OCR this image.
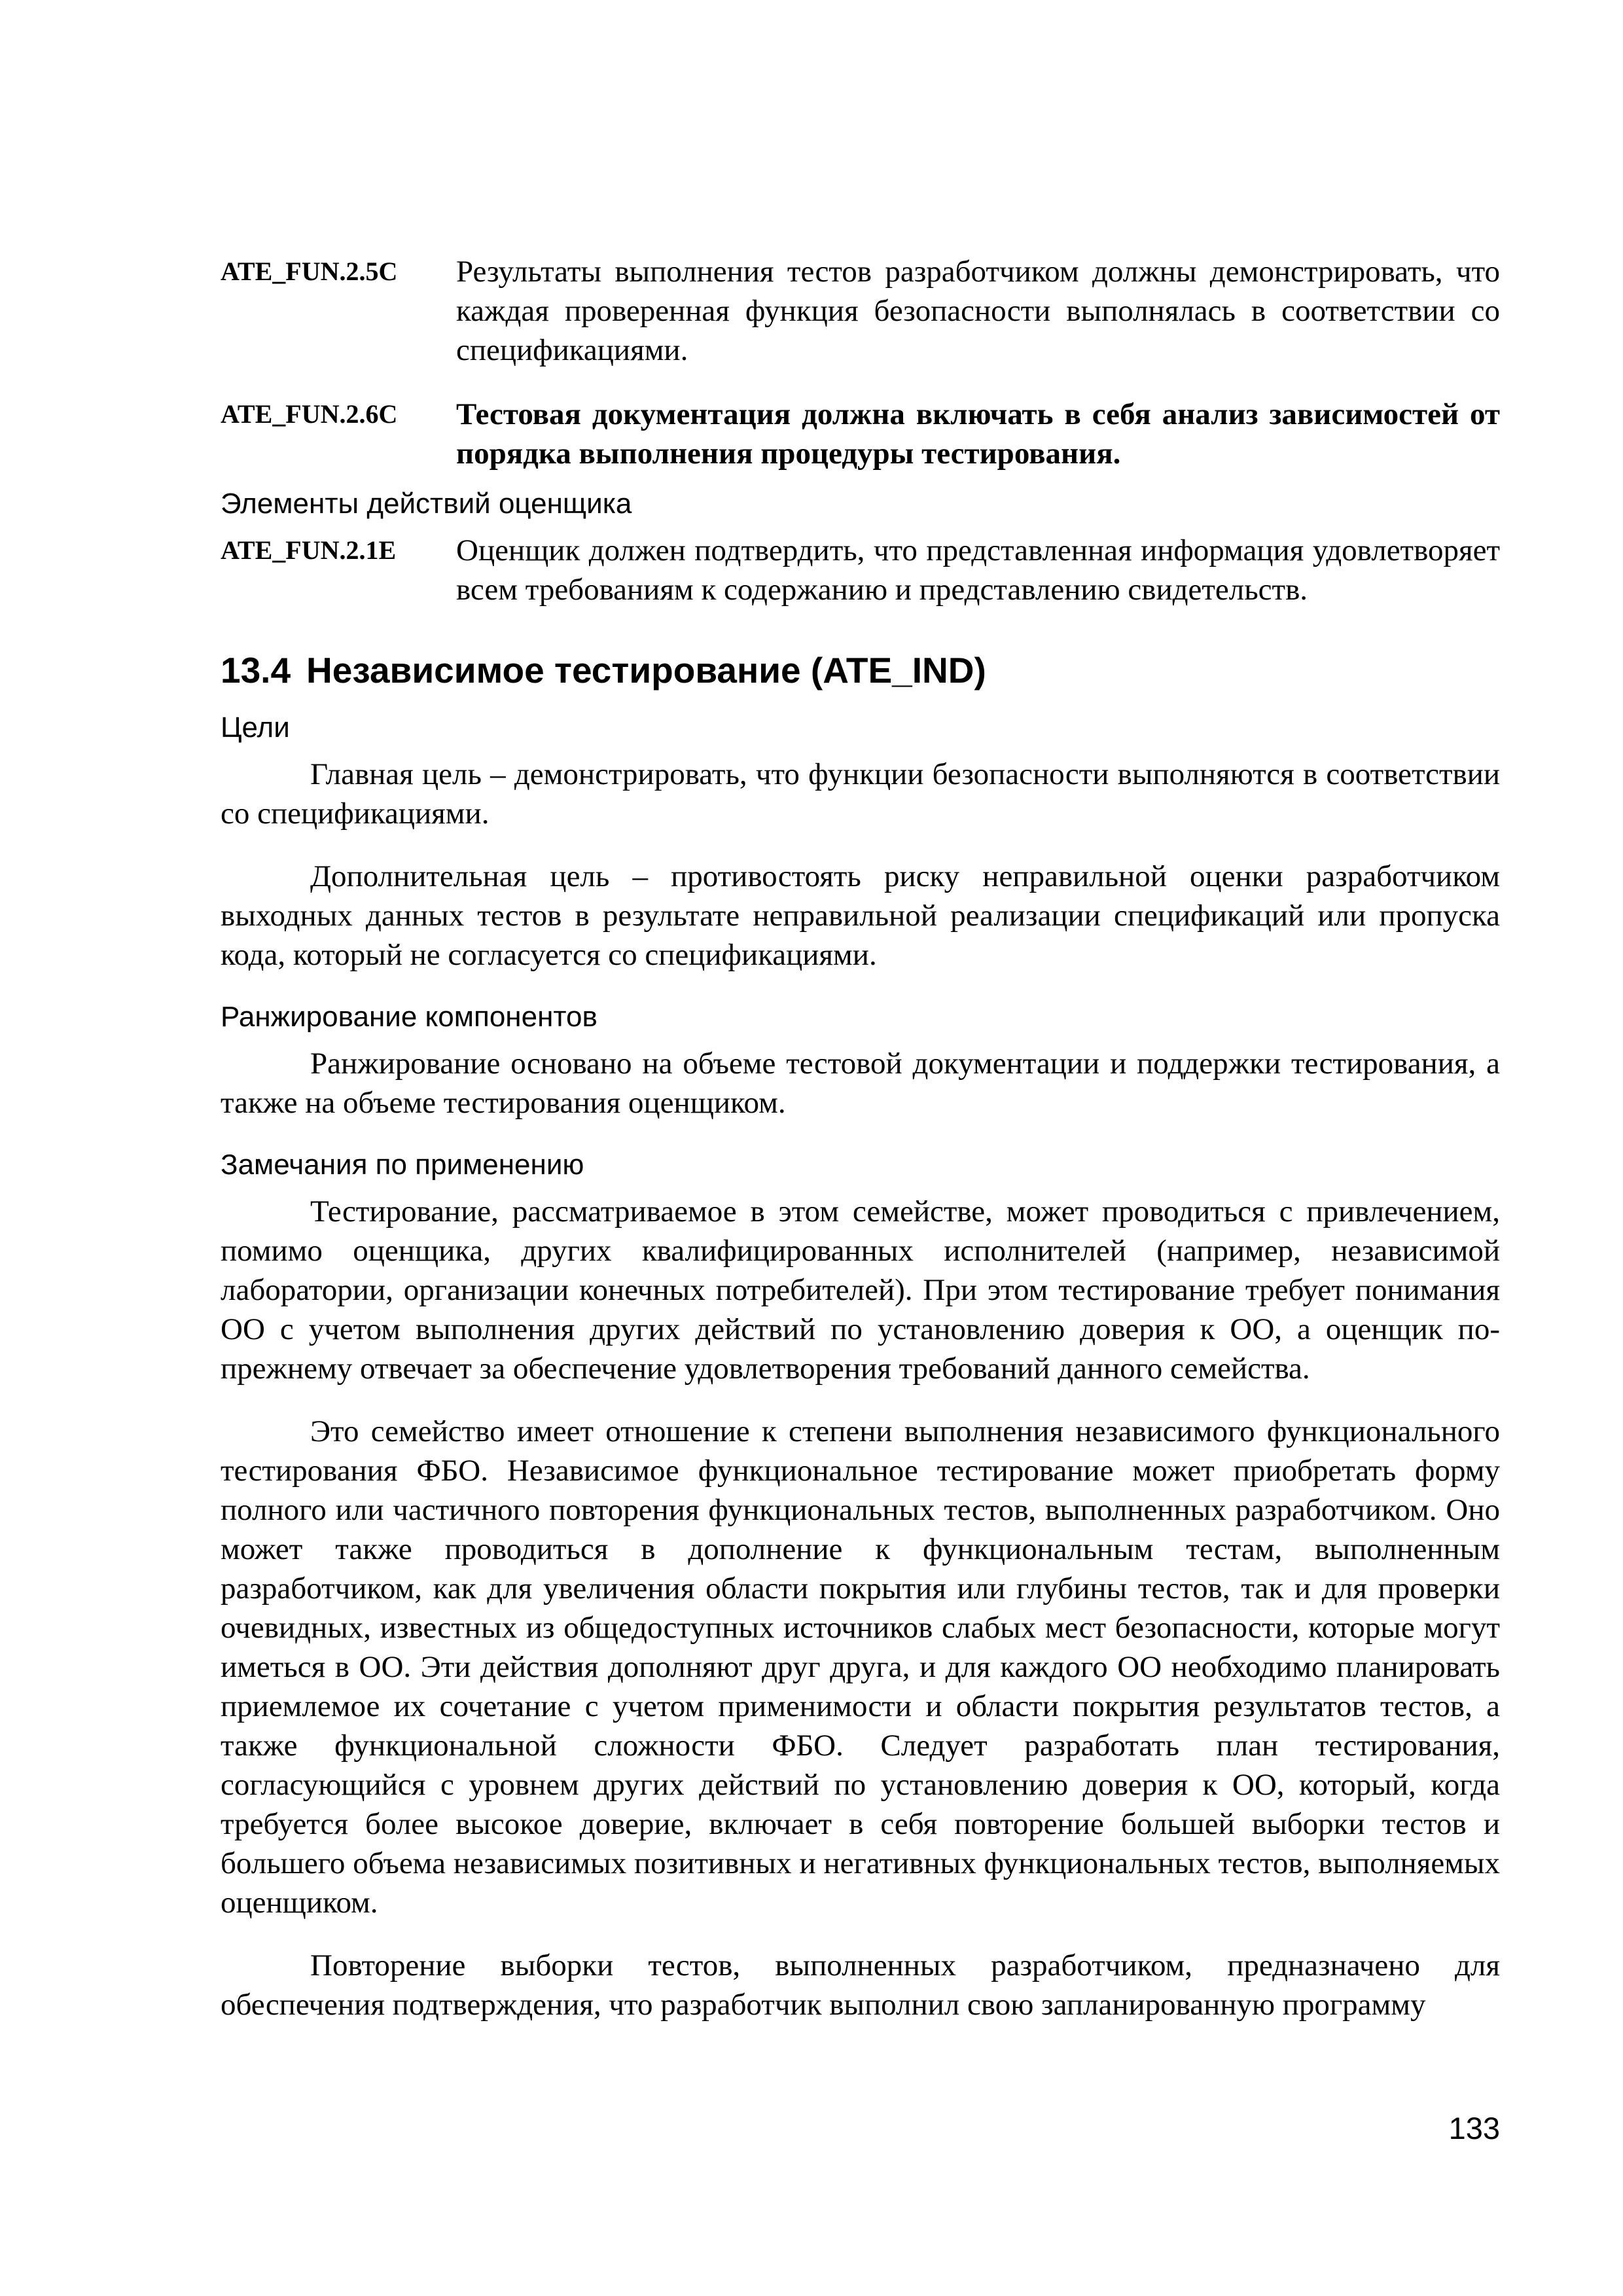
ATE_FUN.2.5C	Результаты выполнения тестов разработчиком должны демонстрировать, что каждая проверенная функция безопасности выполнялась в соответствии со спецификациями.
ATE_FUN.2.6C	Тестовая документация должна включать в себя анализ зависимостей от порядка выполнения процедуры тестирования.
Элементы действий оценщика
ATE_FUN.2.1E	Оценщик должен подтвердить, что представленная информация удовлетворяет всем требованиям к содержанию и представлению свидетельств.
13.4 Независимое тестирование (ATE_IND)
Цели

Главная цель – демонстрировать, что функции безопасности выполняются в соответствии со спецификациями.

Дополнительная цель – противостоять риску неправильной оценки разработчиком выходных данных тестов в результате неправильной реализации спецификаций или пропуска кода, который не согласуется со спецификациями.

Ранжирование компонентов

Ранжирование основано на объеме тестовой документации и поддержки тестирования, а также на объеме тестирования оценщиком.

Замечания по применению

Тестирование, рассматриваемое в этом семействе, может проводиться с привлечением, помимо оценщика, других квалифицированных исполнителей (например, независимой лаборатории, организации конечных потребителей). При этом тестирование требует понимания ОО с учетом выполнения других действий по установлению доверия к ОО, а оценщик по-прежнему отвечает за обеспечение удовлетворения требований данного семейства.

Это семейство имеет отношение к степени выполнения независимого функционального тестирования ФБО. Независимое функциональное тестирование может приобретать форму полного или частичного повторения функциональных тестов, выполненных разработчиком. Оно может также проводиться в дополнение к функциональным тестам, выполненным разработчиком, как для увеличения области покрытия или глубины тестов, так и для проверки очевидных, известных из общедоступных источников слабых мест безопасности, которые могут иметься в ОО. Эти действия дополняют друг друга, и для каждого ОО необходимо планировать приемлемое их сочетание с учетом применимости и области покрытия результатов тестов, а также функциональной сложности ФБО. Следует разработать план тестирования, согласующийся с уровнем других действий по установлению доверия к ОО, который, когда требуется более высокое доверие, включает в себя повторение большей выборки тестов и большего объема независимых позитивных и негативных функциональных тестов, выполняемых оценщиком.

Повторение выборки тестов, выполненных разработчиком, предназначено для обеспечения подтверждения, что разработчик выполнил свою запланированную программу

133
